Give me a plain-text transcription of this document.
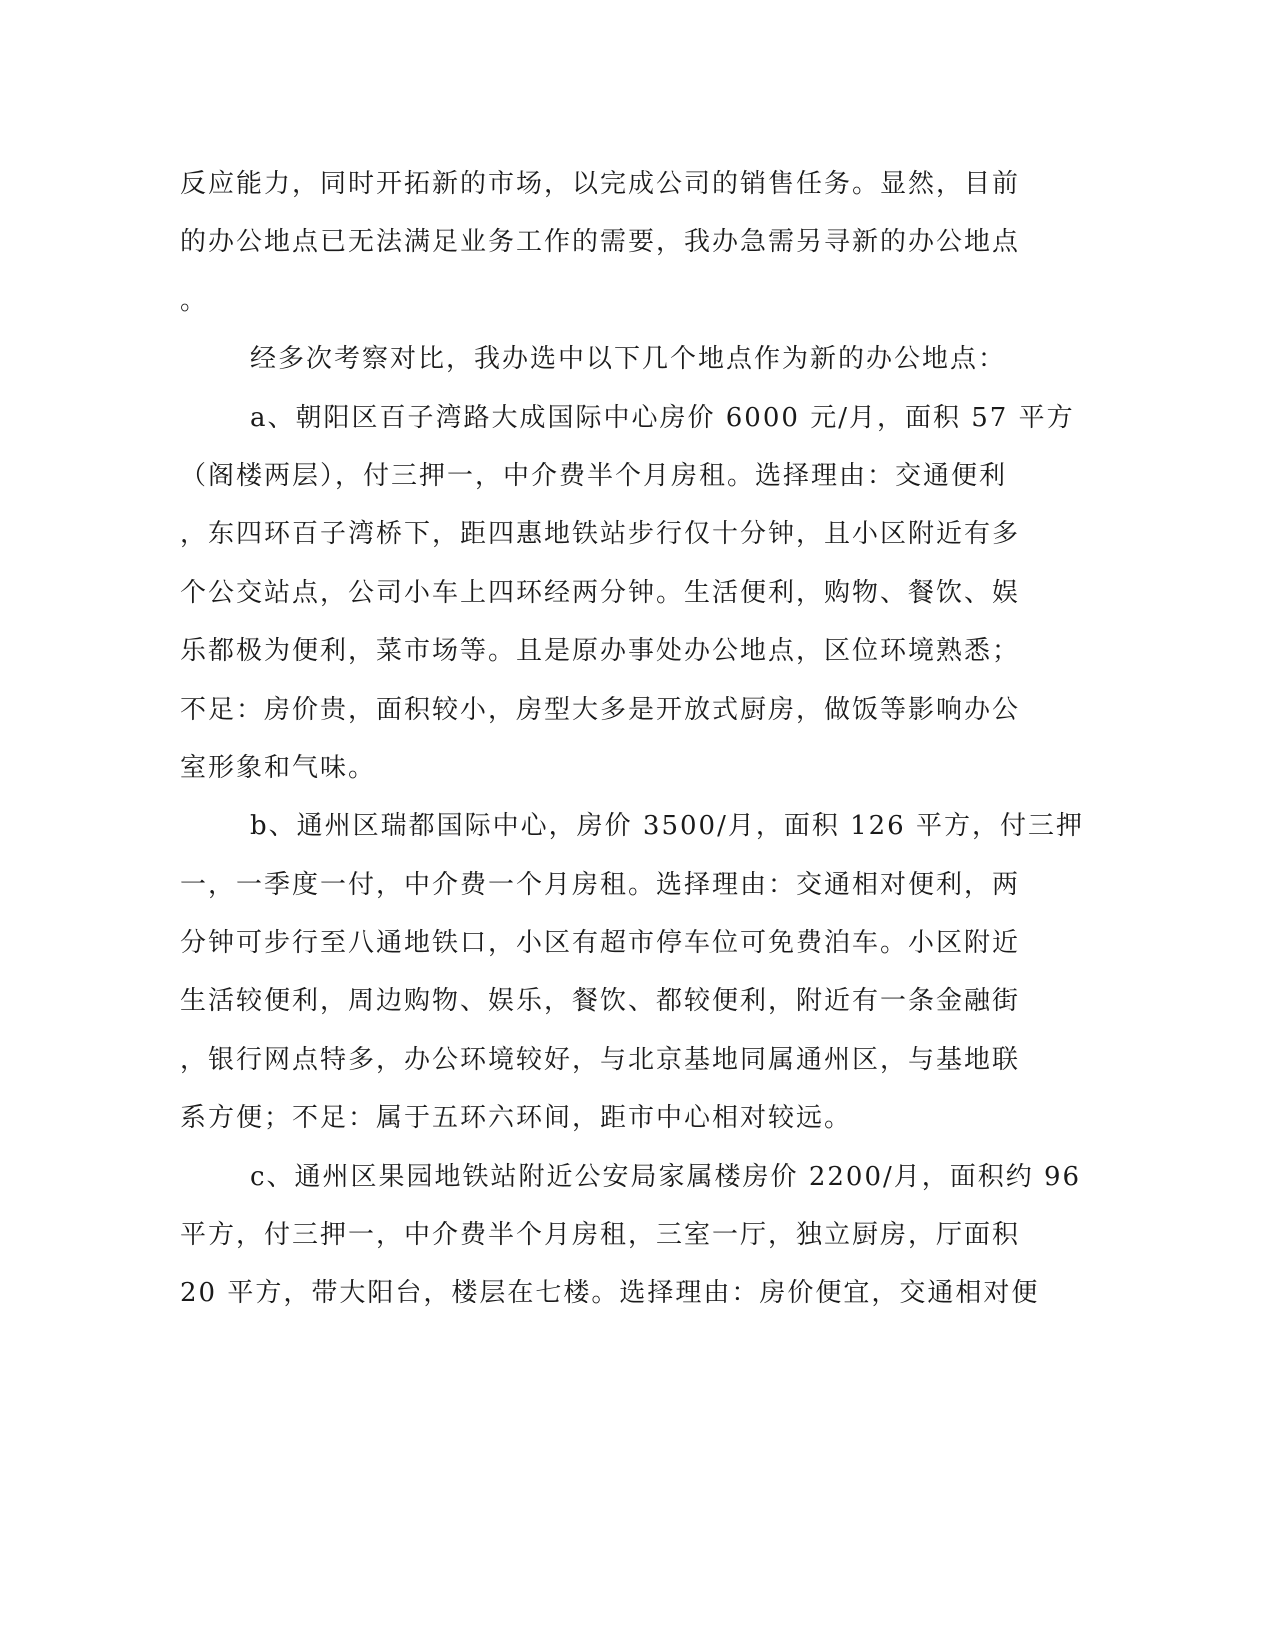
反应能力，同时开拓新的市场，以完成公司的销售任务。显然，目前
的办公地点已无法满足业务工作的需要，我办急需另寻新的办公地点
。
经多次考察对比，我办选中以下几个地点作为新的办公地点：
a、朝阳区百子湾路大成国际中心房价 6000 元/月，面积 57 平方
（阁楼两层），付三押一，中介费半个月房租。选择理由：交通便利
，东四环百子湾桥下，距四惠地铁站步行仅十分钟，且小区附近有多
个公交站点，公司小车上四环经两分钟。生活便利，购物、餐饮、娱
乐都极为便利，菜市场等。且是原办事处办公地点，区位环境熟悉；
不足：房价贵，面积较小，房型大多是开放式厨房，做饭等影响办公
室形象和气味。
b、通州区瑞都国际中心，房价 3500/月，面积 126 平方，付三押
一，一季度一付，中介费一个月房租。选择理由：交通相对便利，两
分钟可步行至八通地铁口，小区有超市停车位可免费泊车。小区附近
生活较便利，周边购物、娱乐，餐饮、都较便利，附近有一条金融街
，银行网点特多，办公环境较好，与北京基地同属通州区，与基地联
系方便；不足：属于五环六环间，距市中心相对较远。
c、通州区果园地铁站附近公安局家属楼房价 2200/月，面积约 96
平方，付三押一，中介费半个月房租，三室一厅，独立厨房，厅面积
20 平方，带大阳台，楼层在七楼。选择理由：房价便宜，交通相对便
